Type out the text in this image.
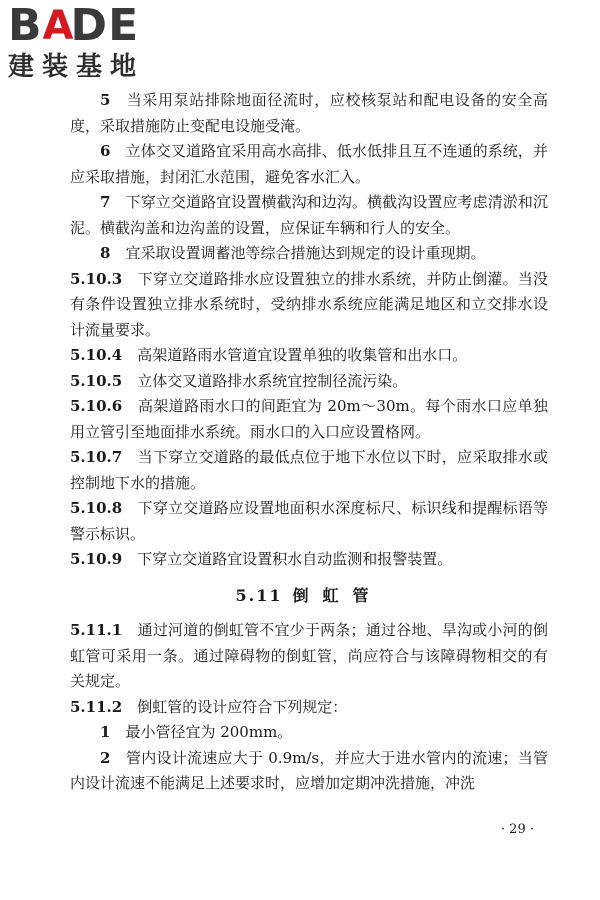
B A
DE
建装基地

5　 当采用泵站排除地面径流时，应校核泵站和配电设备的安全高度，采取措施防止变配电设施受淹。

6　 立体交叉道路宜采用高水高排、低水低排且互不连通的系统，并应采取措施，封闭汇水范围，避免客水汇入。

7　 下穿立交道路宜设置横截沟和边沟。横截沟设置应考虑清淤和沉泥。横截沟盖和边沟盖的设置，应保证车辆和行人的安全。

8　 宜采取设置调蓄池等综合措施达到规定的设计重现期。

5.10.3　 下穿立交道路排水应设置独立的排水系统，并防止倒灌。当没有条件设置独立排水系统时，受纳排水系统应能满足地区和立交排水设计流量要求。

5.10.4　 高架道路雨水管道宜设置单独的收集管和出水口。

5.10.5　 立体交叉道路排水系统宜控制径流污染。

5.10.6　 高架道路雨水口的间距宜为 20m～30m。每个雨水口应单独用立管引至地面排水系统。雨水口的入口应设置格网。

5.10.7　 当下穿立交道路的最低点位于地下水位以下时，应采取排水或控制地下水的措施。

5.10.8　 下穿立交道路应设置地面积水深度标尺、标识线和提醒标语等警示标识。

5.10.9　 下穿立交道路宜设置积水自动监测和报警装置。

5.11 倒虹管

5.11.1　 通过河道的倒虹管不宜少于两条；通过谷地、旱沟或小河的倒虹管可采用一条。通过障碍物的倒虹管，尚应符合与该障碍物相交的有关规定。

5.11.2　 倒虹管的设计应符合下列规定：

1　 最小管径宜为 200mm。

2　 管内设计流速应大于 0.9m/s，并应大于进水管内的流速；当管内设计流速不能满足上述要求时，应增加定期冲洗措施，冲洗

· 29 ·
